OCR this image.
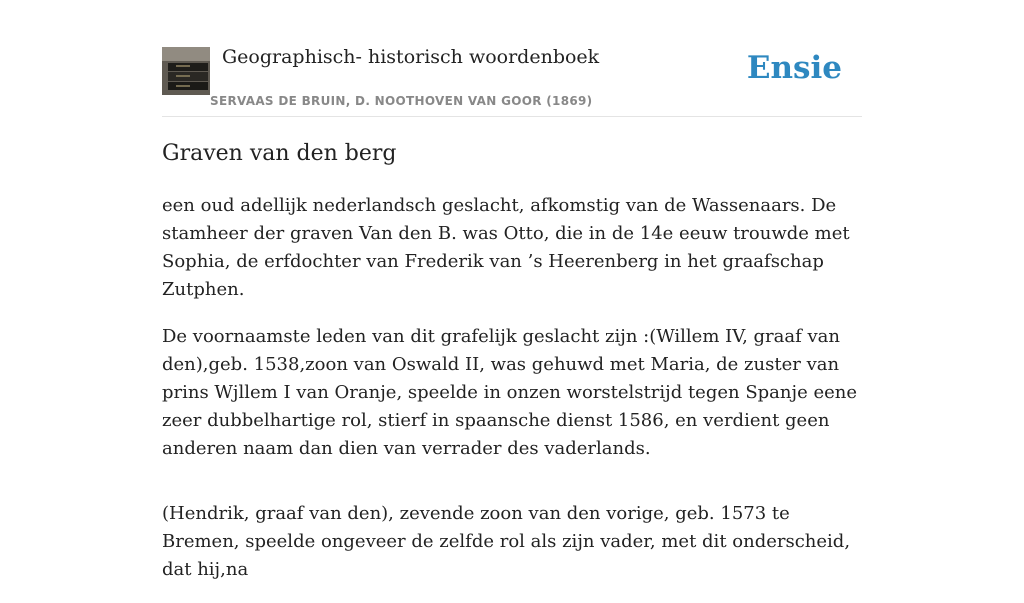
Geographisch- historisch woordenboek
SERVAAS DE BRUIN, D. NOOTHOVEN VAN GOOR (1869)
Ensie
Graven van den berg

een oud adellijk nederlandsch geslacht, afkomstig van de Wassenaars. De stamheer der graven Van den B. was Otto, die in de 14e eeuw trouwde met Sophia, de erfdochter van Frederik van ’s Heerenberg in het graafschap Zutphen.

De voornaamste leden van dit grafelijk geslacht zijn :(Willem IV, graaf van den),geb. 1538,zoon van Oswald II, was gehuwd met Maria, de zuster van prins Wjllem I van Oranje, speelde in onzen worstelstrijd tegen Spanje eene zeer dubbelhartige rol, stierf in spaansche dienst 1586, en verdient geen anderen naam dan dien van verrader des vaderlands.

(Hendrik, graaf van den), zevende zoon van den vorige, geb. 1573 te Bremen, speelde ongeveer de zelfde rol als zijn vader, met dit onderscheid, dat hij,na
